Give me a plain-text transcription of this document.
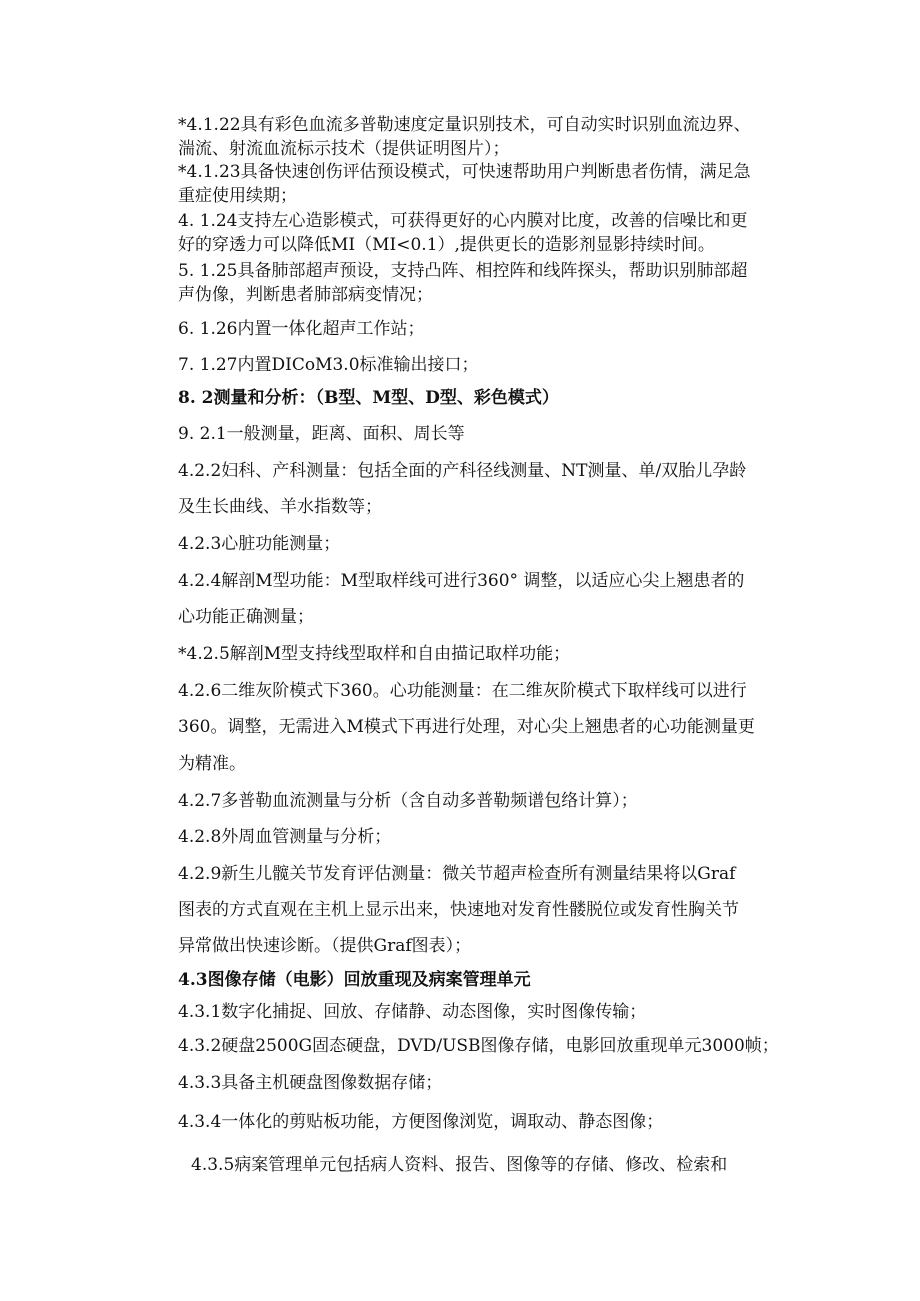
*4.1.22具有彩色血流多普勒速度定量识别技术，可自动实时识别血流边界、
湍流、射流血流标示技术（提供证明图片）；
*4.1.23具备快速创伤评估预设模式，可快速帮助用户判断患者伤情，满足急
重症使用续期；
4. 1.24支持左心造影模式，可获得更好的心内膜对比度，改善的信噪比和更
好的穿透力可以降低MI（MI<0.1）,提供更长的造影剂显影持续时间。
5. 1.25具备肺部超声预设，支持凸阵、相控阵和线阵探头，帮助识别肺部超
声伪像，判断患者肺部病变情况；
6. 1.26内置一体化超声工作站；
7. 1.27内置DICoM3.0标准输出接口；
8. 2测量和分析：（B型、M型、D型、彩色模式）
9. 2.1一般测量，距离、面积、周长等
4.2.2妇科、产科测量：包括全面的产科径线测量、NT测量、单/双胎儿孕龄
及生长曲线、羊水指数等；
4.2.3心脏功能测量；
4.2.4解剖M型功能：M型取样线可进行360° 调整，以适应心尖上翘患者的
心功能正确测量；
*4.2.5解剖M型支持线型取样和自由描记取样功能；
4.2.6二维灰阶模式下360。心功能测量：在二维灰阶模式下取样线可以进行
360。调整，无需进入M模式下再进行处理，对心尖上翘患者的心功能测量更
为精准。
4.2.7多普勒血流测量与分析（含自动多普勒频谱包络计算）；
4.2.8外周血管测量与分析；
4.2.9新生儿髋关节发育评估测量：微关节超声检查所有测量结果将以Graf
图表的方式直观在主机上显示出来，快速地对发育性髅脱位或发育性胸关节
异常做出快速诊断。（提供Graf图表）；
4.3图像存储（电影）回放重现及病案管理单元
4.3.1数字化捕捉、回放、存储静、动态图像，实时图像传输；
4.3.2硬盘2500G固态硬盘，DVD/USB图像存储，电影回放重现单元3000帧；
4.3.3具备主机硬盘图像数据存储；
4.3.4一体化的剪贴板功能，方便图像浏览，调取动、静态图像；
4.3.5病案管理单元包括病人资料、报告、图像等的存储、修改、检索和
